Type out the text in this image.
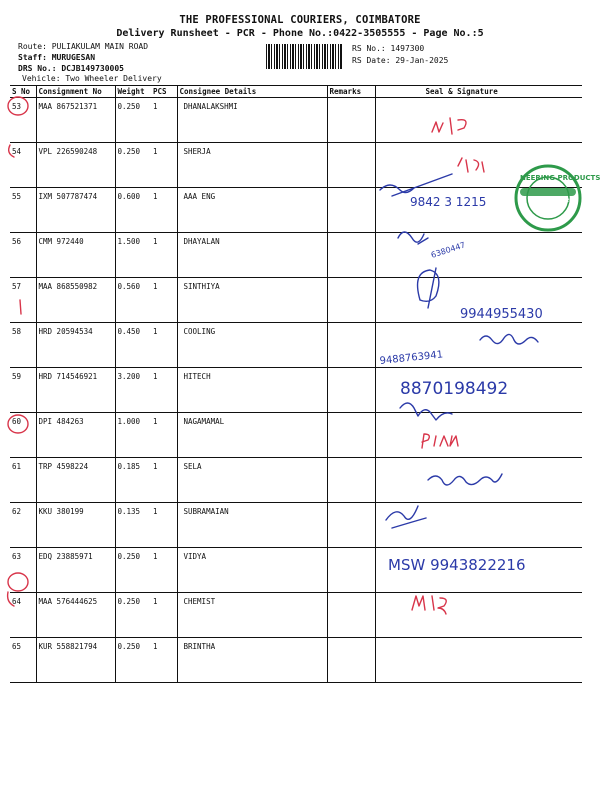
THE PROFESSIONAL COURIERS, COIMBATORE
Delivery Runsheet - PCR - Phone No.:0422-3505555 - Page No.:5
Route: PULIAKULAM MAIN ROAD
Staff: MURUGESAN
DRS No.: DCJB149730005
Vehicle: Two Wheeler Delivery
RS No.: 1497300
RS Date: 29-Jan-2025
S No	Consignment No	Weight	PCS	Consignee Details	Remarks	Seal & Signature
53	MAA 867521371	0.250	1	DHANALAKSHMI		
54	VPL 226590248	0.250	1	SHERJA		
55	IXM 507787474	0.600	1	AAA ENG		
56	CMM 972440	1.500	1	DHAYALAN		
57	MAA 868550982	0.560	1	SINTHIYA		
58	HRD 20594534	0.450	1	COOLING		
59	HRD 714546921	3.200	1	HITECH		
60	DPI 484263	1.000	1	NAGAMAMAL		
61	TRP 4598224	0.185	1	SELA		
62	KKU 380199	0.135	1	SUBRAMAIAN		
63	EDQ 23885971	0.250	1	VIDYA		
64	MAA 576444625	0.250	1	CHEMIST		
65	KUR 558821794	0.250	1	BRINTHA		
9842 3 1215
6380447
9944955430
9488763941
8870198492
MSW 9943822216
NEERING PRODUCTS
Received
